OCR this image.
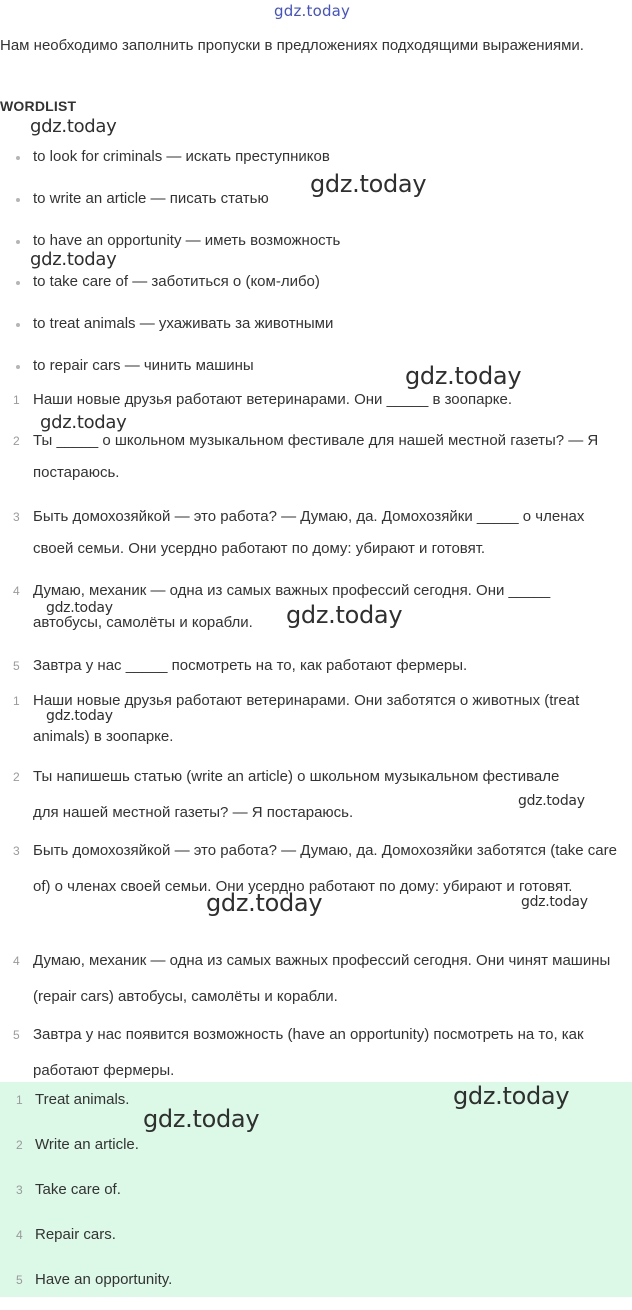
gdz.today
Нам необходимо заполнить пропуски в предложениях подходящими выражениями.
WORDLIST
to look for criminals — искать преступников
to write an article — писать статью
to have an opportunity — иметь возможность
to take care of — заботиться о (ком-либо)
to treat animals — ухаживать за животными
to repair cars — чинить машины
1 Наши новые друзья работают ветеринарами. Они _____ в зоопарке.
2 Ты _____ о школьном музыкальном фестивале для нашей местной газеты? — Я постараюсь.
3 Быть домохозяйкой — это работа? — Думаю, да. Домохозяйки _____ о членах своей семьи. Они усердно работают по дому: убирают и готовят.
4 Думаю, механик — одна из самых важных профессий сегодня. Они _____ автобусы, самолёты и корабли.
5 Завтра у нас _____ посмотреть на то, как работают фермеры.
1 Наши новые друзья работают ветеринарами. Они заботятся о животных (treat animals) в зоопарке.
2 Ты напишешь статью (write an article) о школьном музыкальном фестивале для нашей местной газеты? — Я постараюсь.
3 Быть домохозяйкой — это работа? — Думаю, да. Домохозяйки заботятся (take care of) о членах своей семьи. Они усердно работают по дому: убирают и готовят.
4 Думаю, механик — одна из самых важных профессий сегодня. Они чинят машины (repair cars) автобусы, самолёты и корабли.
5 Завтра у нас появится возможность (have an opportunity) посмотреть на то, как работают фермеры.
1 Treat animals.
2 Write an article.
3 Take care of.
4 Repair cars.
5 Have an opportunity.
gdz.today
gdz.today
gdz.today
gdz.today
gdz.today
gdz.today	gdz.today
gdz.today
gdz.today
gdz.today	gdz.today
gdz.today
gdz.today
